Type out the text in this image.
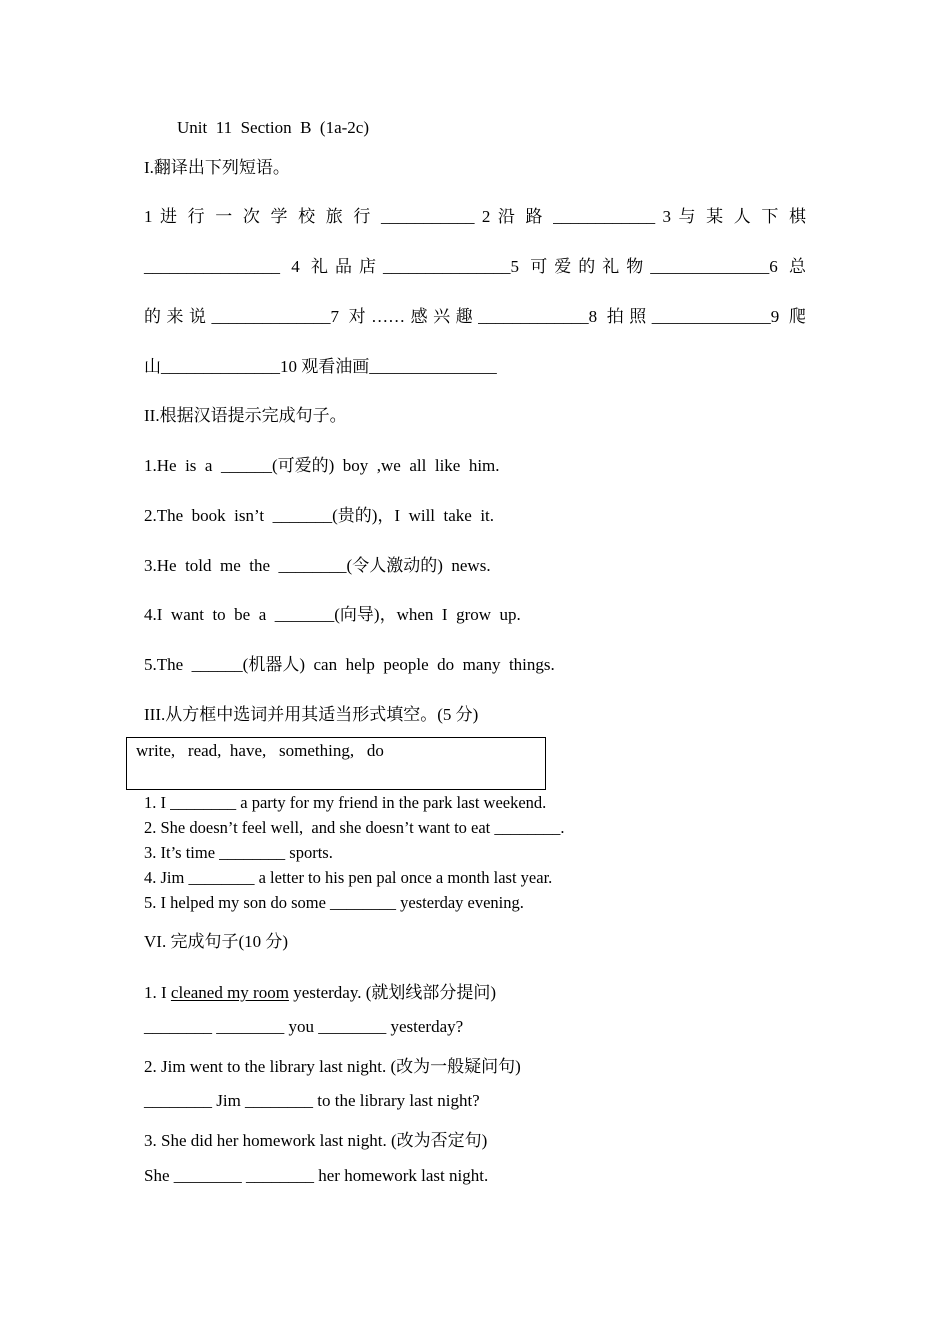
Unit  11  Section  B  (1a-2c)
I.翻译出下列短语。
1 进 行 一 次 学 校 旅 行 ___________ 2 沿 路 ____________ 3 与 某 人 下 棋
________________ 4 礼品店_______________5 可爱的礼物______________6 总
的来说______________7 对……感兴趣_____________8 拍照______________9 爬
山______________10 观看油画_______________
II.根据汉语提示完成句子。
1.He  is  a  ______(可爱的)  boy  ,we  all  like  him.
2.The  book  isn’t  _______(贵的)，I  will  take  it.
3.He  told  me  the  ________(令人激动的)  news.
4.I  want  to  be  a  _______(向导)，when  I  grow  up.
5.The  ______(机器人)  can  help  people  do  many  things.
III.从方框中选词并用其适当形式填空。(5 分)
write,   read,  have,   something,   do
1. I ________ a party for my friend in the park last weekend.
2. She doesn’t feel well,  and she doesn’t want to eat ________.
3. It’s time ________ sports.
4. Jim ________ a letter to his pen pal once a month last year.
5. I helped my son do some ________ yesterday evening.
VI. 完成句子(10 分)
1. I cleaned my room yesterday. (就划线部分提问)
________ ________ you ________ yesterday?
2. Jim went to the library last night. (改为一般疑问句)
________ Jim ________ to the library last night?
3. She did her homework last night. (改为否定句)
She ________ ________ her homework last night.
